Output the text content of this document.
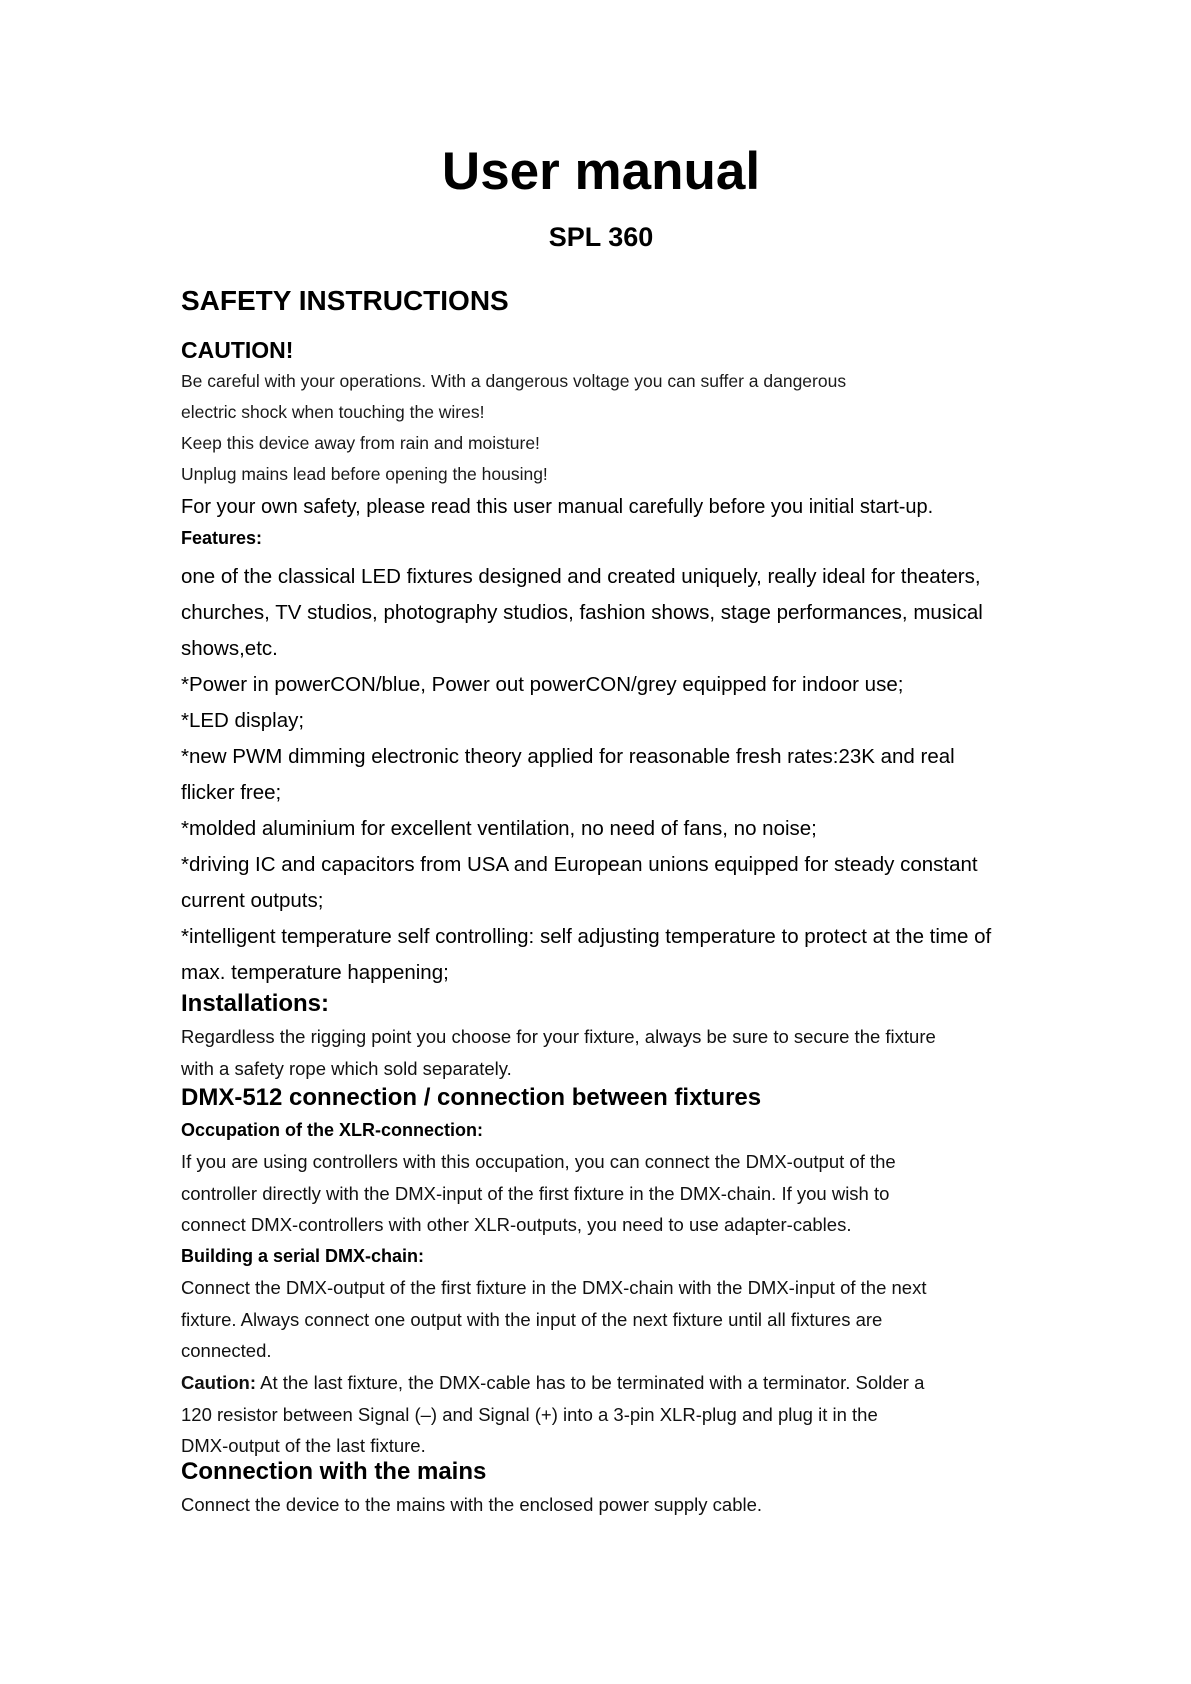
User manual
SPL 360
SAFETY INSTRUCTIONS
CAUTION!

Be careful with your operations. With a dangerous voltage you can suffer a dangerous
electric shock when touching the wires!
Keep this device away from rain and moisture!
Unplug mains lead before opening the housing!

For your own safety, please read this user manual carefully before you initial start-up.

Features:

one of the classical LED fixtures designed and created uniquely, really ideal for theaters,
churches, TV studios, photography studios, fashion shows, stage performances, musical
shows,etc.
*Power in powerCON/blue, Power out powerCON/grey equipped for indoor use;
*LED display;
*new PWM dimming electronic theory applied for reasonable fresh rates:23K and real
flicker free;
*molded aluminium for excellent ventilation, no need of fans, no noise;
*driving IC and capacitors from USA and European unions equipped for steady constant
current outputs;
*intelligent temperature self controlling: self adjusting temperature to protect at the time of
max. temperature happening;

Installations:

Regardless the rigging point you choose for your fixture, always be sure to secure the fixture
with a safety rope which sold separately.

DMX-512 connection / connection between fixtures

Occupation of the XLR-connection:

If you are using controllers with this occupation, you can connect the DMX-output of the
controller directly with the DMX-input of the first fixture in the DMX-chain. If you wish to
connect DMX-controllers with other XLR-outputs, you need to use adapter-cables.

Building a serial DMX-chain:

Connect the DMX-output of the first fixture in the DMX-chain with the DMX-input of the next
fixture. Always connect one output with the input of the next fixture until all fixtures are
connected.

Caution: At the last fixture, the DMX-cable has to be terminated with a terminator. Solder a
120 resistor between Signal (–) and Signal (+) into a 3-pin XLR-plug and plug it in the
DMX-output of the last fixture.

Connection with the mains

Connect the device to the mains with the enclosed power supply cable.
